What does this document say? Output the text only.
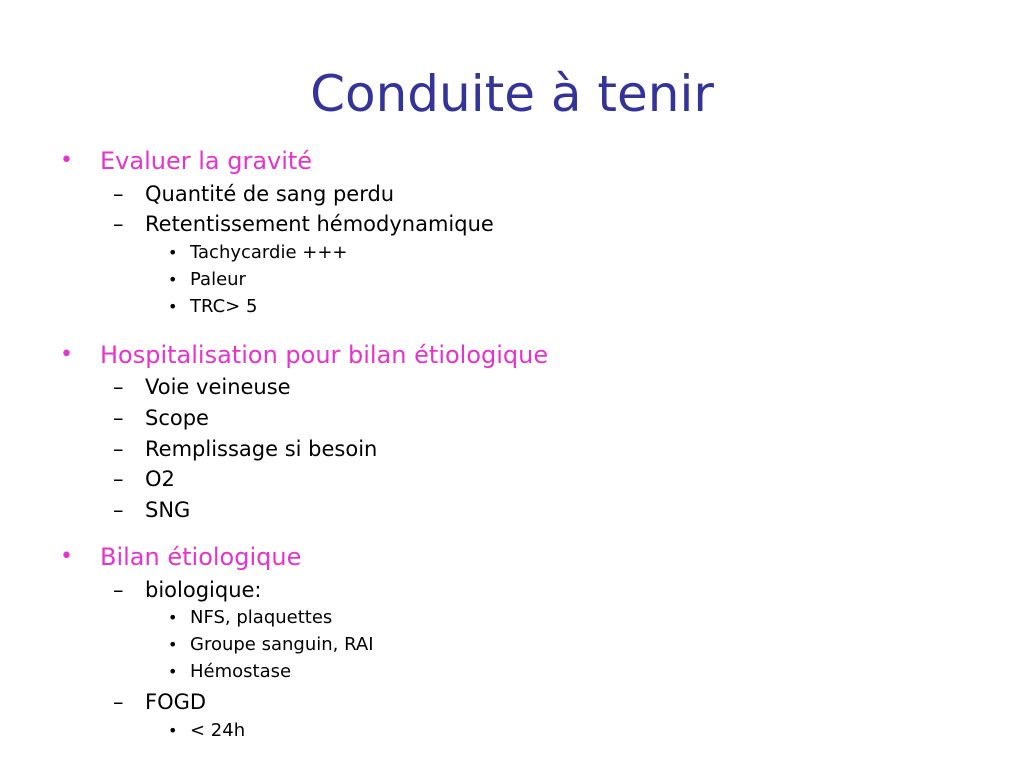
Conduite à tenir
• Evaluer la gravité
– Quantité de sang perdu
– Retentissement hémodynamique
• Tachycardie +++
• Paleur
• TRC> 5
• Hospitalisation pour bilan étiologique
– Voie veineuse
– Scope
– Remplissage si besoin
– O2
– SNG
• Bilan étiologique
– biologique:
• NFS, plaquettes
• Groupe sanguin, RAI
• Hémostase
– FOGD
• < 24h
